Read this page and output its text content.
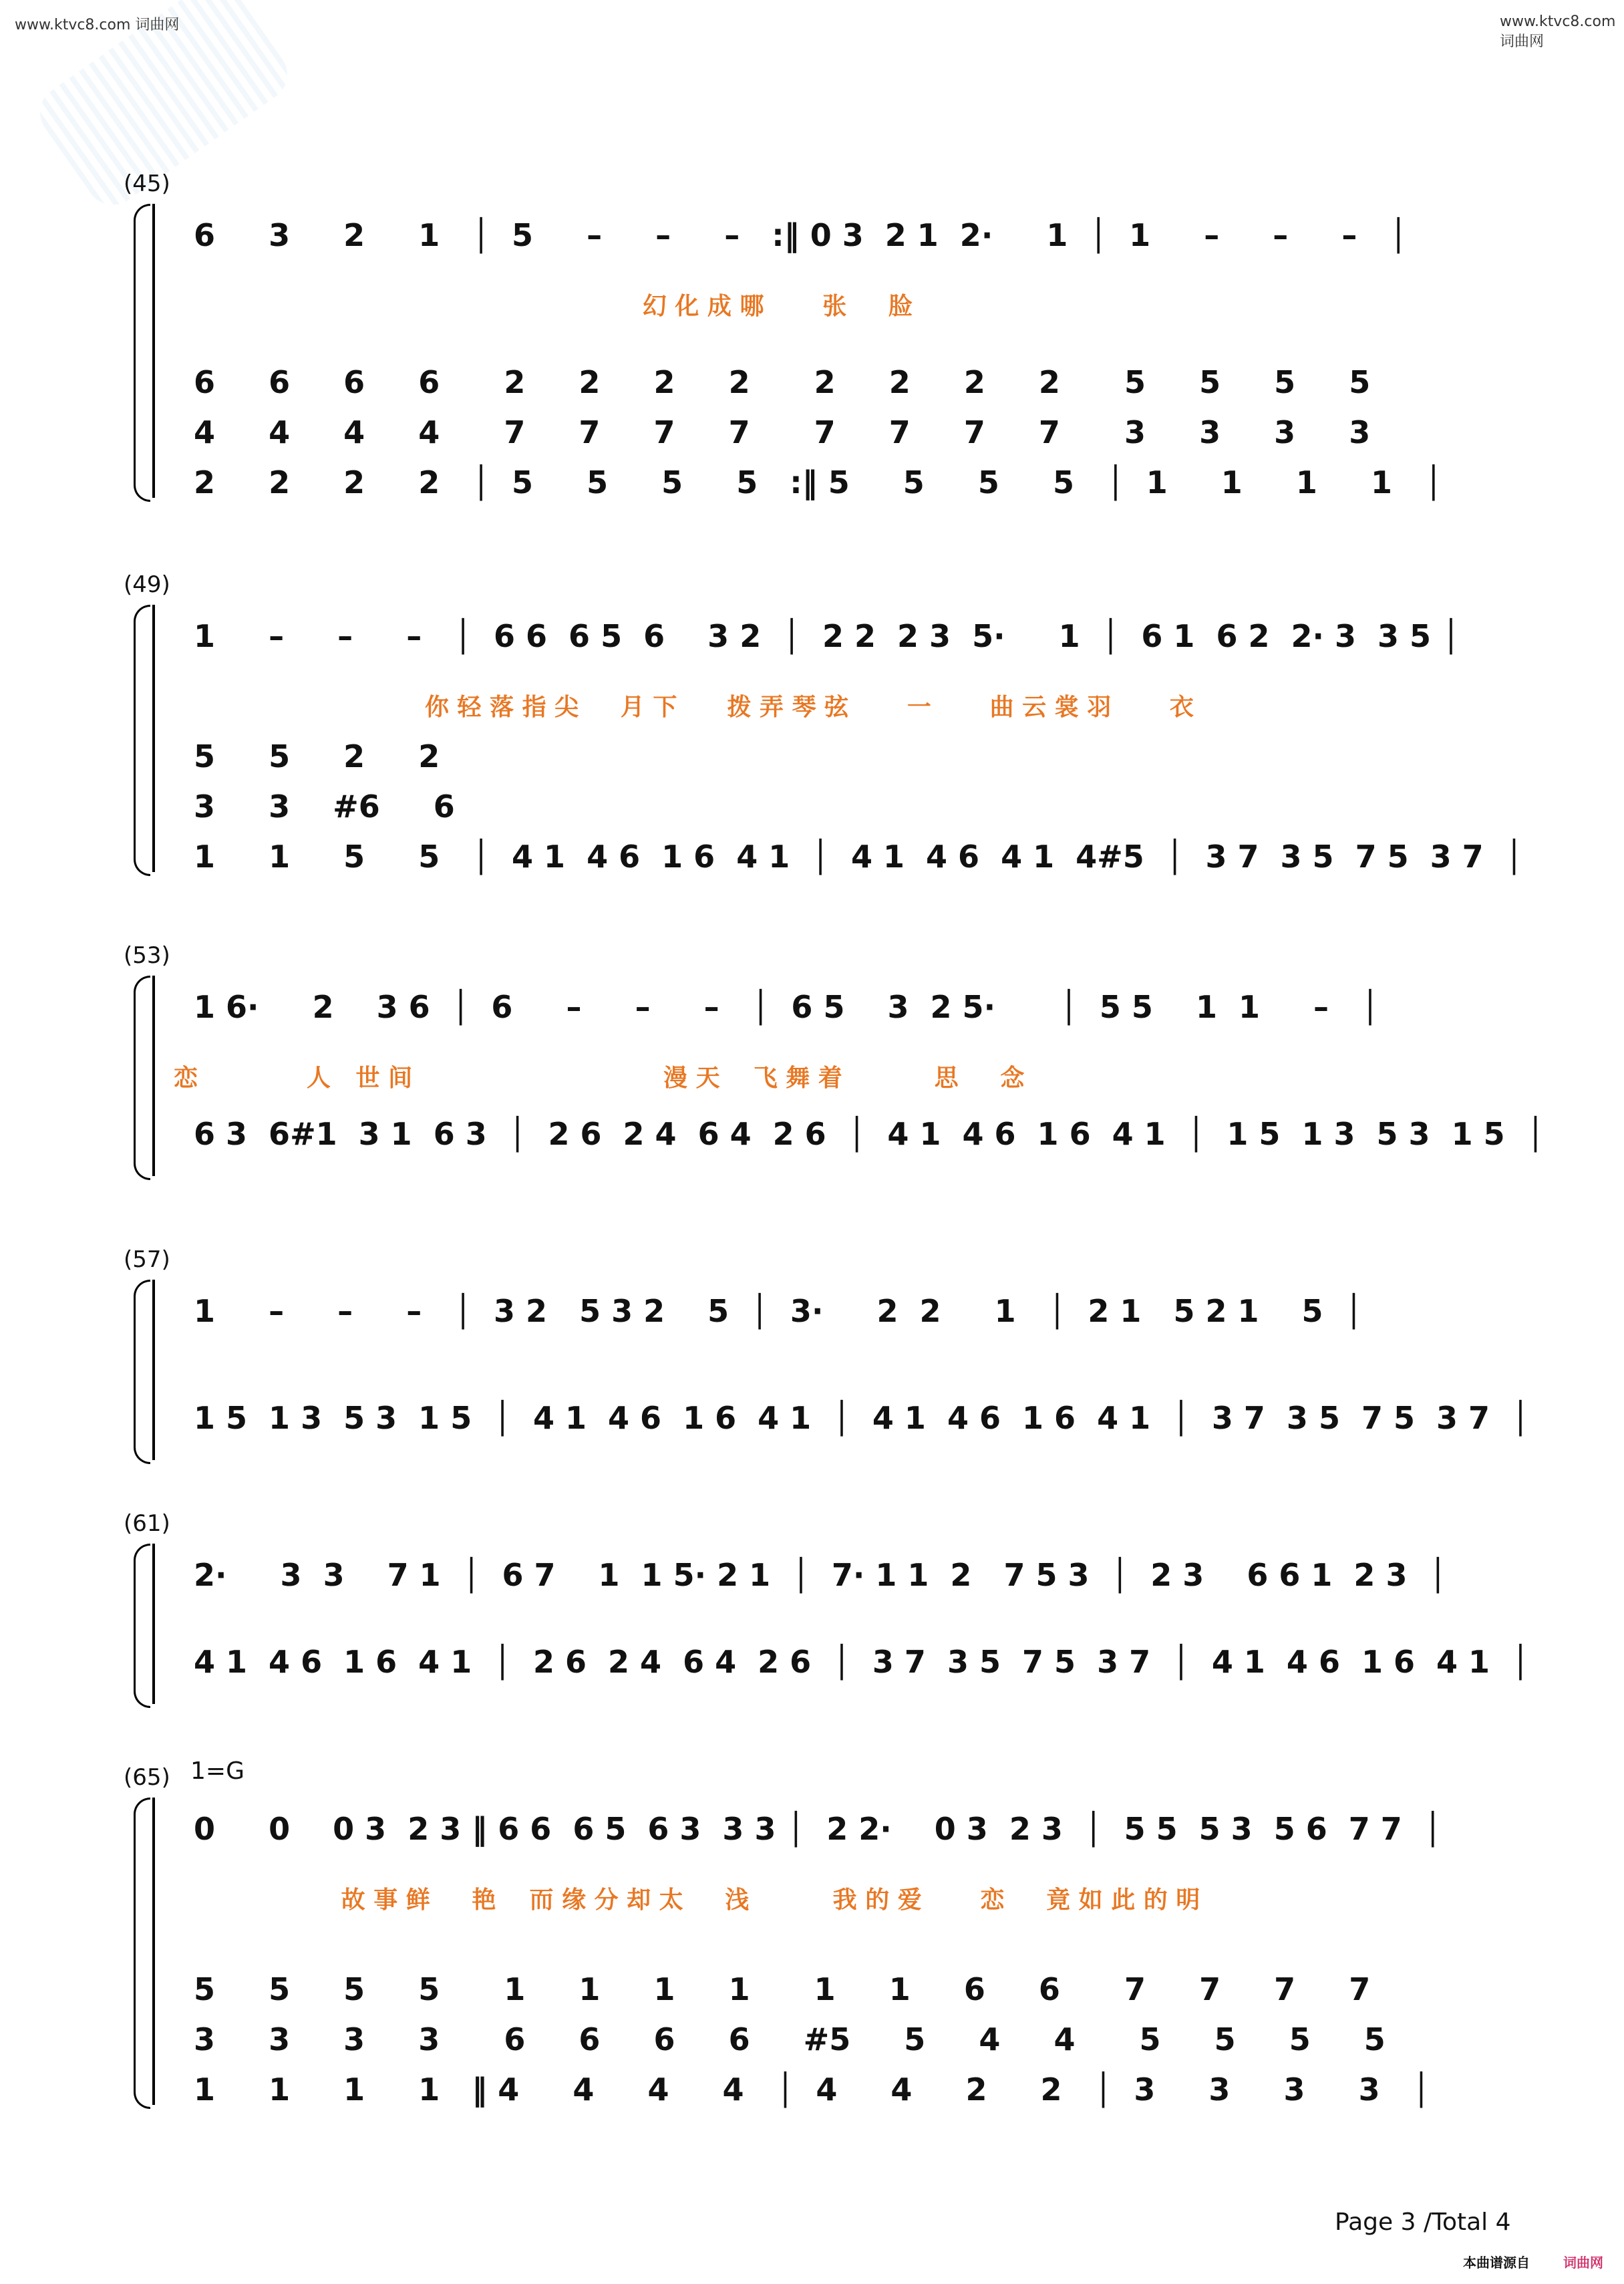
www.ktvc8.com 词曲网	www.ktvc8.com 词曲网
(45)
6     3     2     1   │  5     –     –     –   :‖ 0 3  2 1  2·     1  │  1     –     –     –   │
幻 化 成 哪       张     脸
6     6     6     6      2     2     2     2      2     2     2     2      5     5     5     5
4     4     4     4      7     7     7     7      7     7     7     7      3     3     3     3
2     2     2     2   │  5     5     5     5   :‖ 5     5     5     5   │  1     1     1     1   │
(49)
1     –     –     –   │  6 6  6 5  6    3 2  │  2 2  2 3  5·     1  │  6 1  6 2  2· 3  3 5 │
你 轻 落 指 尖     月 下      拨 弄 琴 弦       一       曲 云 裳 羽       衣
5     5     2     2
3     3    #6     6
1     1     5     5   │  4 1  4 6  1 6  4 1  │  4 1  4 6  4 1  4#5  │  3 7  3 5  7 5  3 7  │
(53)
1 6·     2    3 6  │  6     –     –     –   │  6 5    3  2 5·      │  5 5    1  1     –   │
恋             人   世 间                              漫 天    飞 舞 着           思     念
6 3  6#1  3 1  6 3  │  2 6  2 4  6 4  2 6  │  4 1  4 6  1 6  4 1  │  1 5  1 3  5 3  1 5  │
(57)
1     –     –     –   │  3 2   5 3 2    5  │  3·     2  2     1   │  2 1   5 2 1    5  │
1 5  1 3  5 3  1 5  │  4 1  4 6  1 6  4 1  │  4 1  4 6  1 6  4 1  │  3 7  3 5  7 5  3 7  │
(61)
2·     3  3    7 1  │  6 7    1  1 5· 2 1  │  7· 1 1  2   7 5 3  │  2 3    6 6 1  2 3  │
4 1  4 6  1 6  4 1  │  2 6  2 4  6 4  2 6  │  3 7  3 5  7 5  3 7  │  4 1  4 6  1 6  4 1  │
(65) 1=G
0     0    0 3  2 3 ‖ 6 6  6 5  6 3  3 3 │  2 2·    0 3  2 3  │  5 5  5 3  5 6  7 7  │
故 事 鲜     艳    而 缘 分 却 太     浅          我 的 爱       恋     竟 如 此 的 明
5     5     5     5      1     1     1     1      1     1     6     6      7     7     7     7
3     3     3     3      6     6     6     6     #5     5     4     4      5     5     5     5
1     1     1     1   ‖ 4     4     4     4   │  4     4     2     2   │  3     3     3     3   │
Page 3 /Total 4
本曲谱源自	词曲网
